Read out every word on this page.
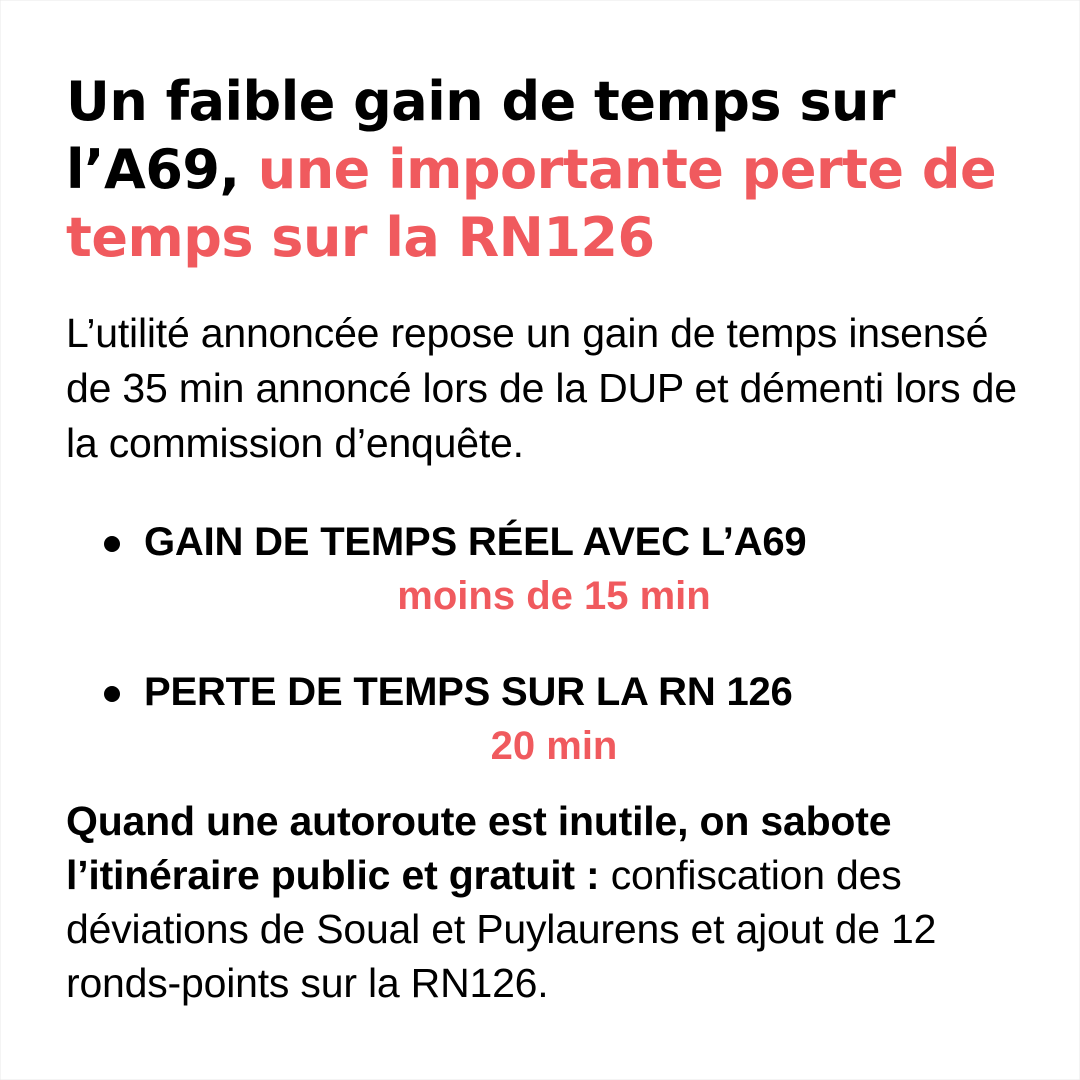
Un faible gain de temps sur l’A69, une importante perte de temps sur la RN126

L’utilité annoncée repose un gain de temps insensé de 35 min annoncé lors de la DUP et démenti lors de la commission d’enquête.

GAIN DE TEMPS RÉEL AVEC L’A69
moins de 15 min
PERTE DE TEMPS SUR LA RN 126
20 min

Quand une autoroute est inutile, on sabote l’itinéraire public et gratuit : confiscation des déviations de Soual et Puylaurens et ajout de 12 ronds-points sur la RN126.
